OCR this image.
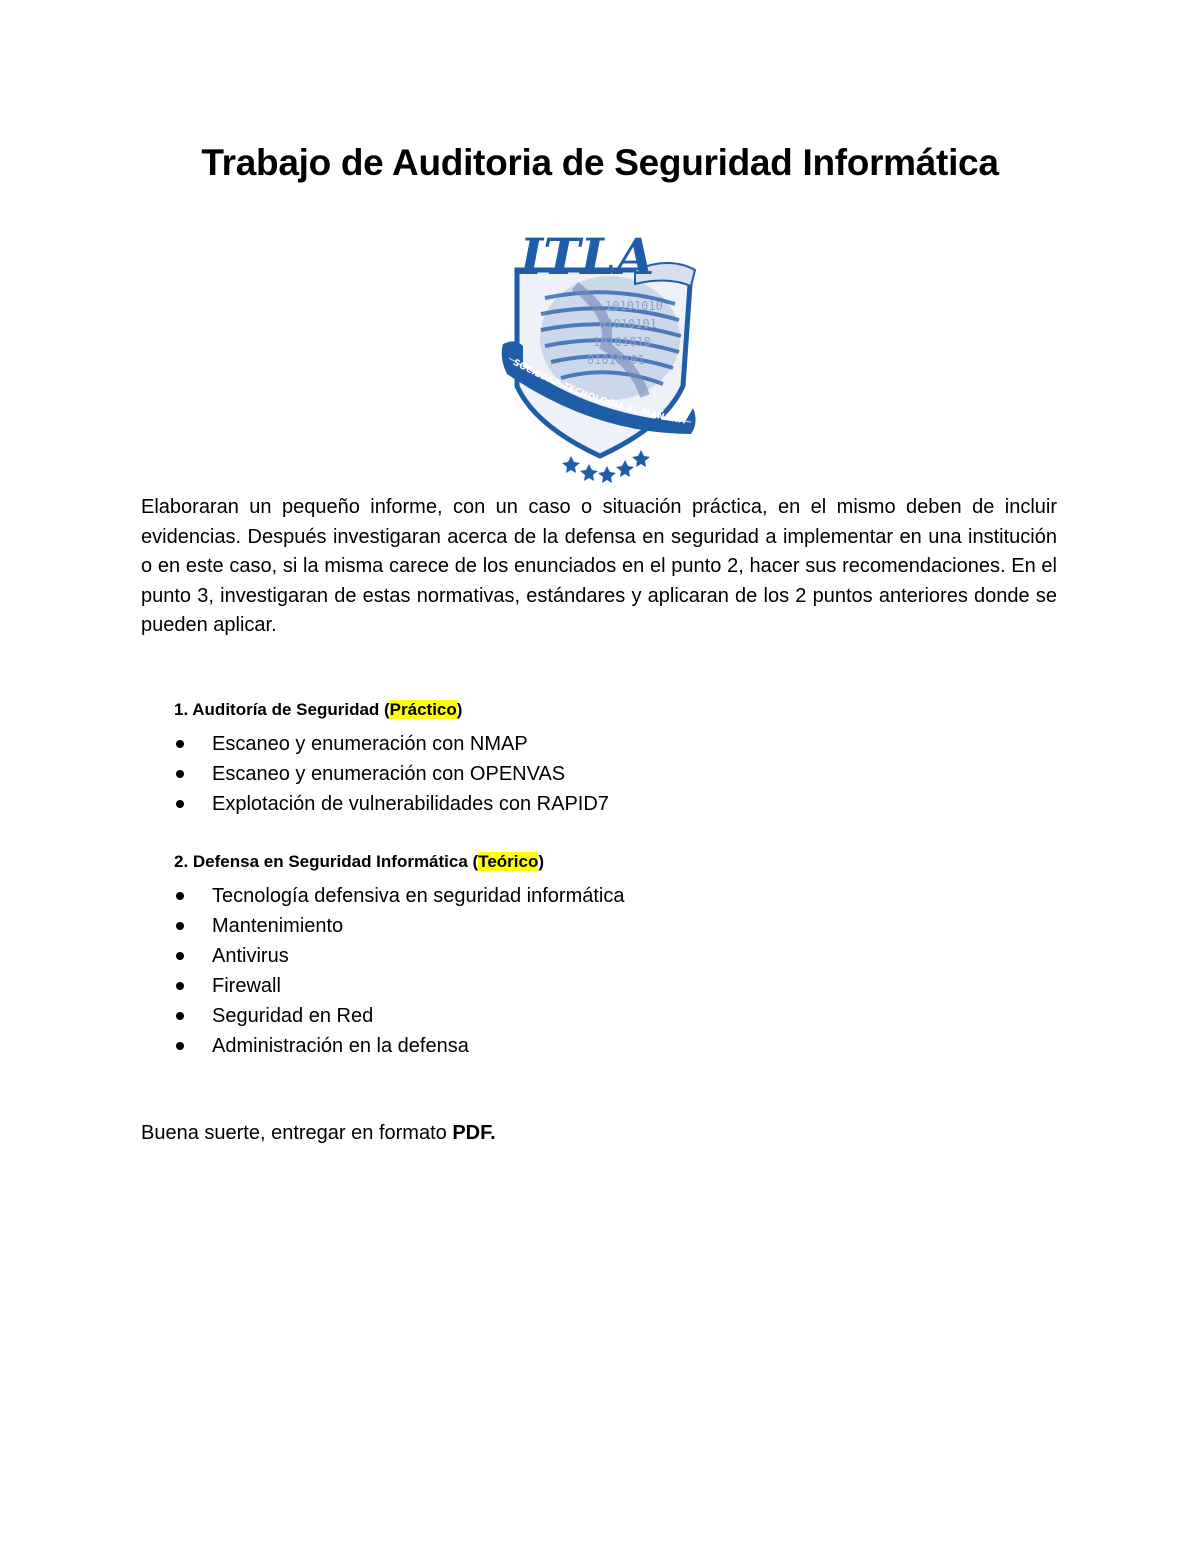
Trabajo de Auditoria de Seguridad Informática
10101010
01010101
10101010
01010101
ITLA
SOCIEDAD TECNOLOGIA EL MAÑANA

Elaboraran un pequeño informe, con un caso o situación práctica, en el mismo deben de incluir evidencias. Después investigaran acerca de la defensa en seguridad a implementar en una institución o en este caso, si la misma carece de los enunciados en el punto 2, hacer sus recomendaciones. En el punto 3, investigaran de estas normativas, estándares y aplicaran de los 2 puntos anteriores donde se pueden aplicar.

1. Auditoría de Seguridad (Práctico)

Escaneo y enumeración con NMAP
Escaneo y enumeración con OPENVAS
Explotación de vulnerabilidades con RAPID7

2. Defensa en Seguridad Informática (Teórico)

Tecnología defensiva en seguridad informática
Mantenimiento
Antivirus
Firewall
Seguridad en Red
Administración en la defensa

Buena suerte, entregar en formato PDF.
